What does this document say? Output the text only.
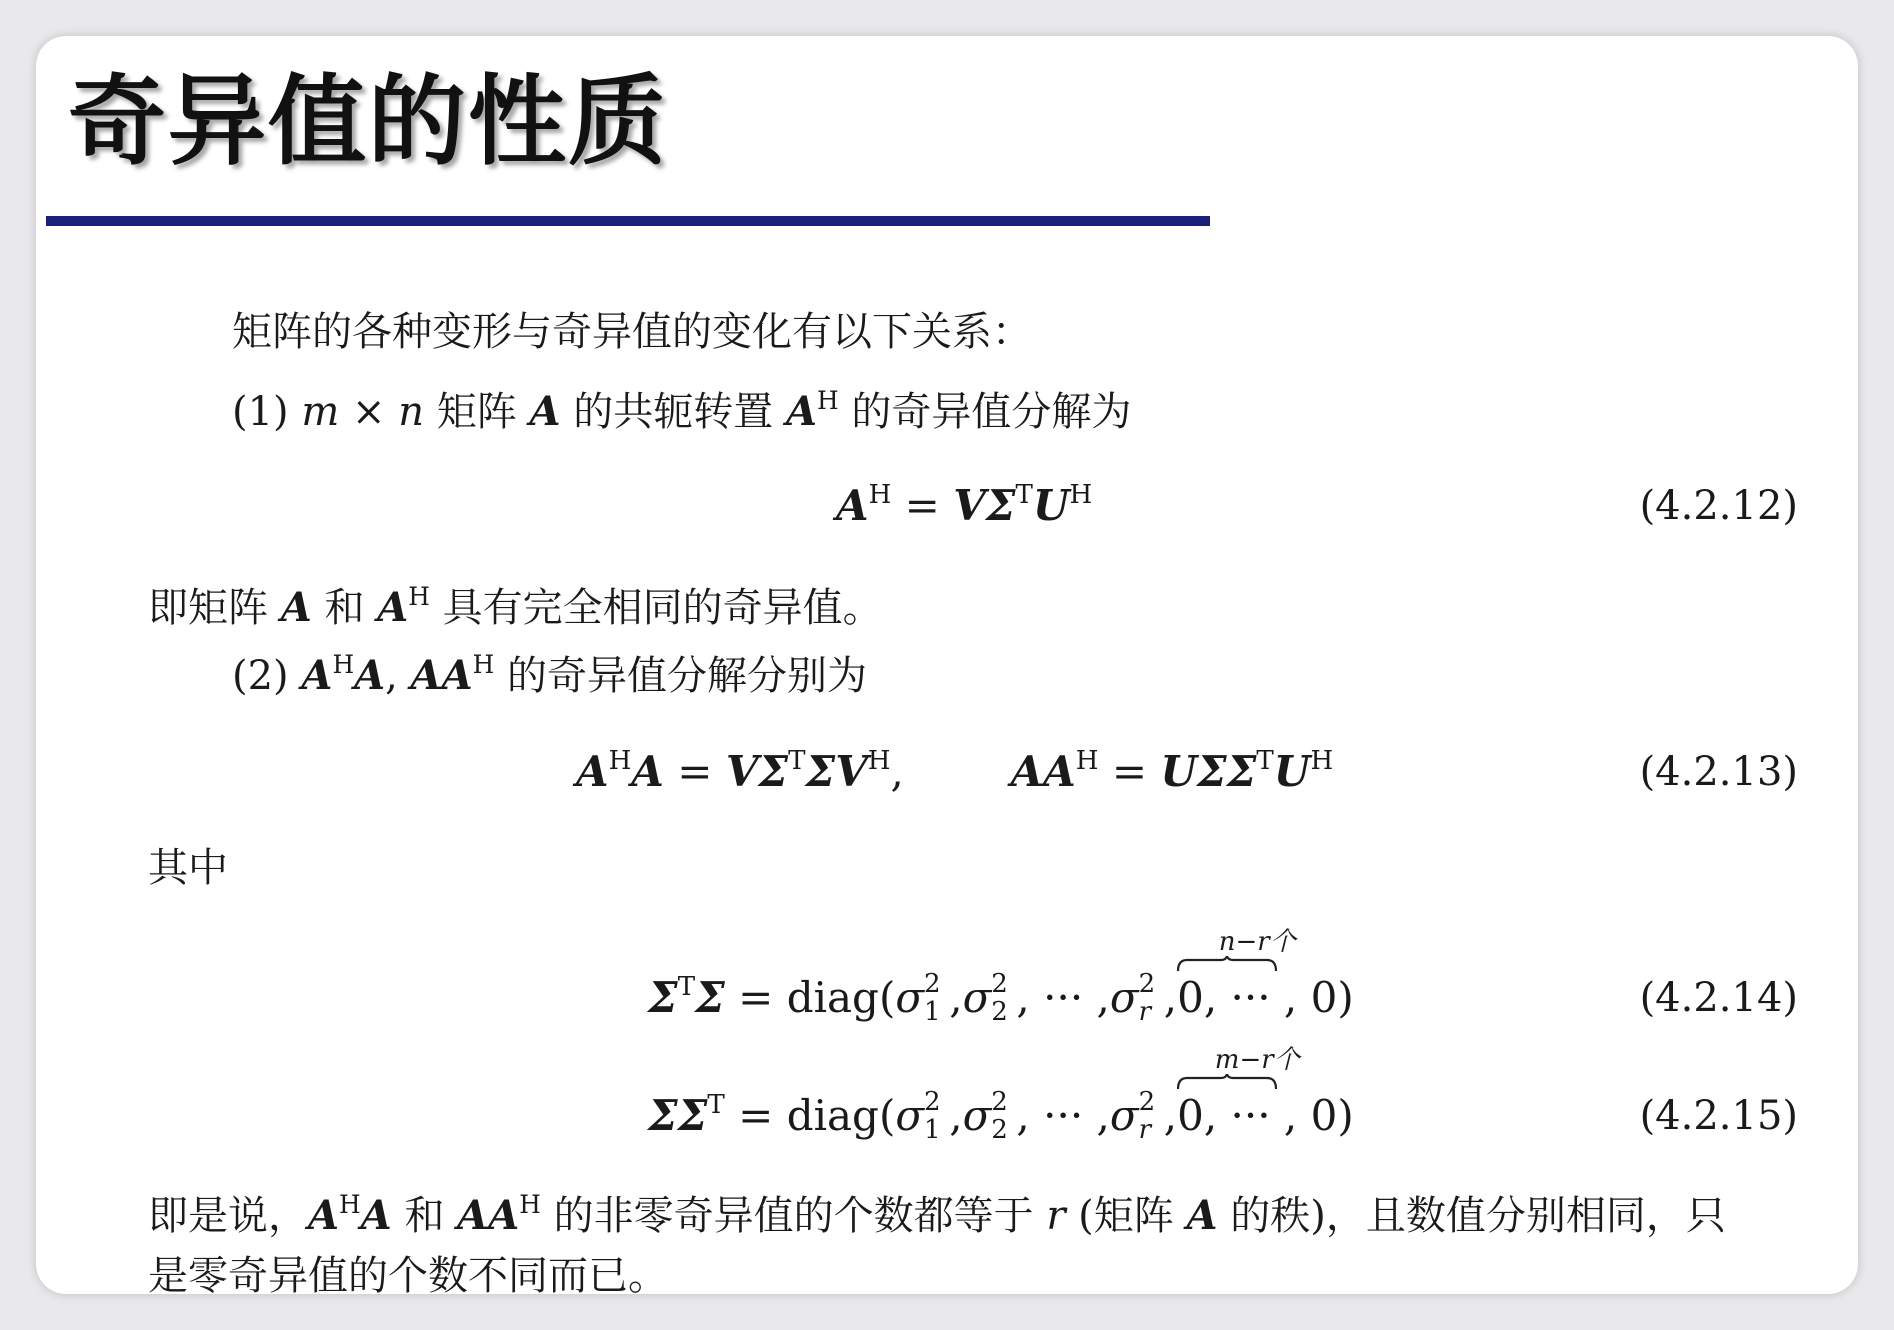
奇异值的性质
矩阵的各种变形与奇异值的变化有以下关系：
(1) m × n 矩阵 A 的共轭转置 $A^H$ 的奇异值分解为
$A^H = V\Sigma^TU^H$	(4.2.12)
即矩阵 A 和 $A^H$ 具有完全相同的奇异值。
(2) $A^HA$, $AA^H$ 的奇异值分解分别为
$A^HA = V\Sigma^T\Sigma V^H$,	$AA^H = U\Sigma\Sigma^TU^H$	(4.2.13)
其中
$\Sigma^T\Sigma$ = diag(σ 2
1 ,σ 2
2 , ··· ,σ 2
r ,
n−r个
0, ··· , 0)	(4.2.14)
$\Sigma\Sigma^T$ = diag(σ 2
1 ,σ 2
2 , ··· ,σ 2
r ,
m−r个
0, ··· , 0)	(4.2.15)
即是说，$A^HA$ 和 $AA^H$ 的非零奇异值的个数都等于 r (矩阵 A 的秩)，且数值分别相同，只
是零奇异值的个数不同而已。
